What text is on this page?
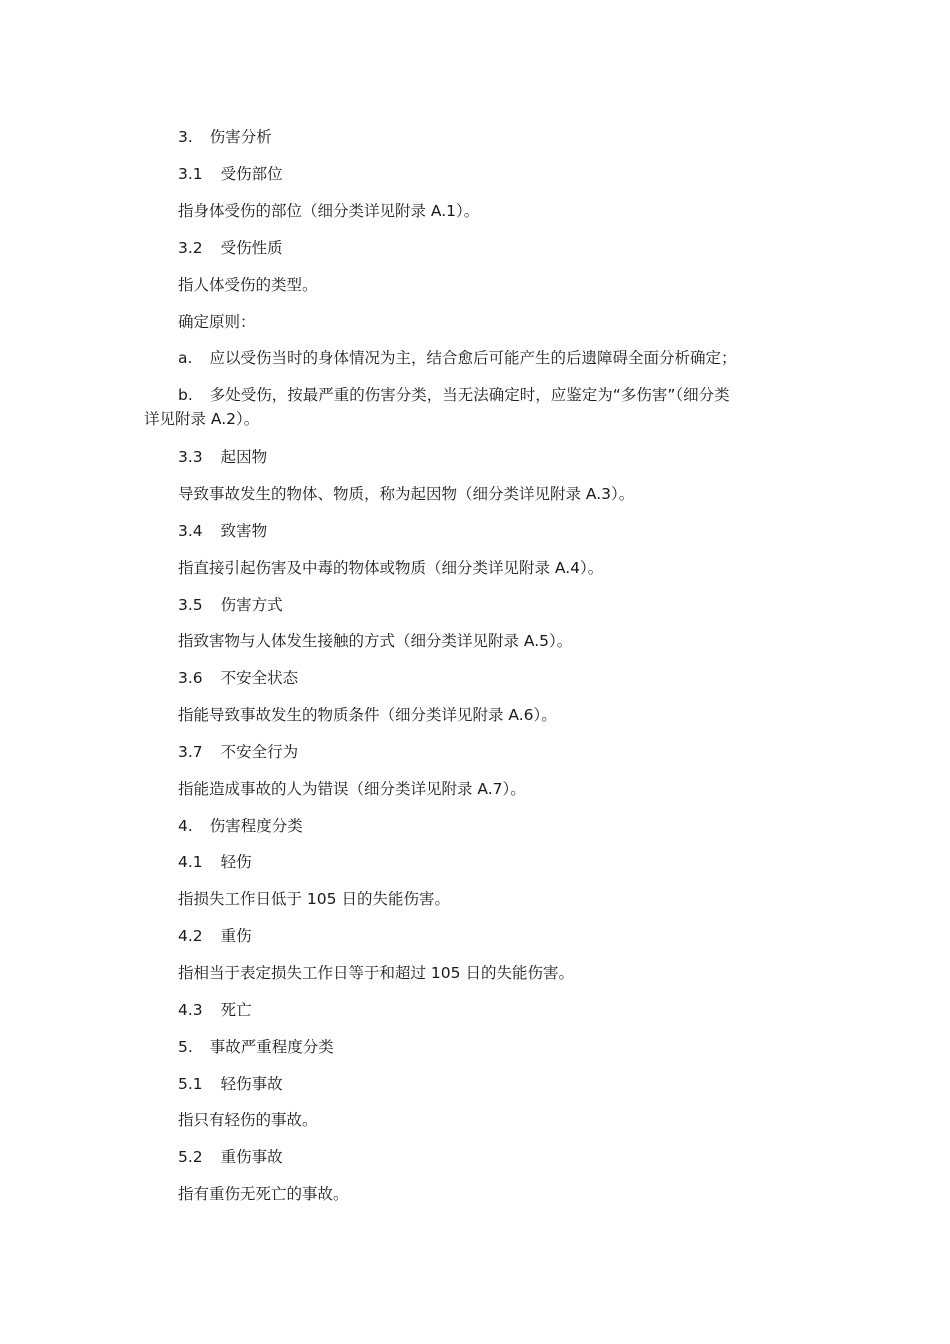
3. 伤害分析

3.1 受伤部位

指身体受伤的部位（细分类详见附录 A.1）。

3.2 受伤性质

指人体受伤的类型。

确定原则：

a. 应以受伤当时的身体情况为主，结合愈后可能产生的后遗障碍全面分析确定；

b. 多处受伤，按最严重的伤害分类，当无法确定时，应鉴定为“多伤害”（细分类

详见附录 A.2）。

3.3 起因物

导致事故发生的物体、物质，称为起因物（细分类详见附录 A.3）。

3.4 致害物

指直接引起伤害及中毒的物体或物质（细分类详见附录 A.4）。

3.5 伤害方式

指致害物与人体发生接触的方式（细分类详见附录 A.5）。

3.6 不安全状态

指能导致事故发生的物质条件（细分类详见附录 A.6）。

3.7 不安全行为

指能造成事故的人为错误（细分类详见附录 A.7）。

4. 伤害程度分类

4.1 轻伤

指损失工作日低于 105 日的失能伤害。

4.2 重伤

指相当于表定损失工作日等于和超过 105 日的失能伤害。

4.3 死亡

5. 事故严重程度分类

5.1 轻伤事故

指只有轻伤的事故。

5.2 重伤事故

指有重伤无死亡的事故。
